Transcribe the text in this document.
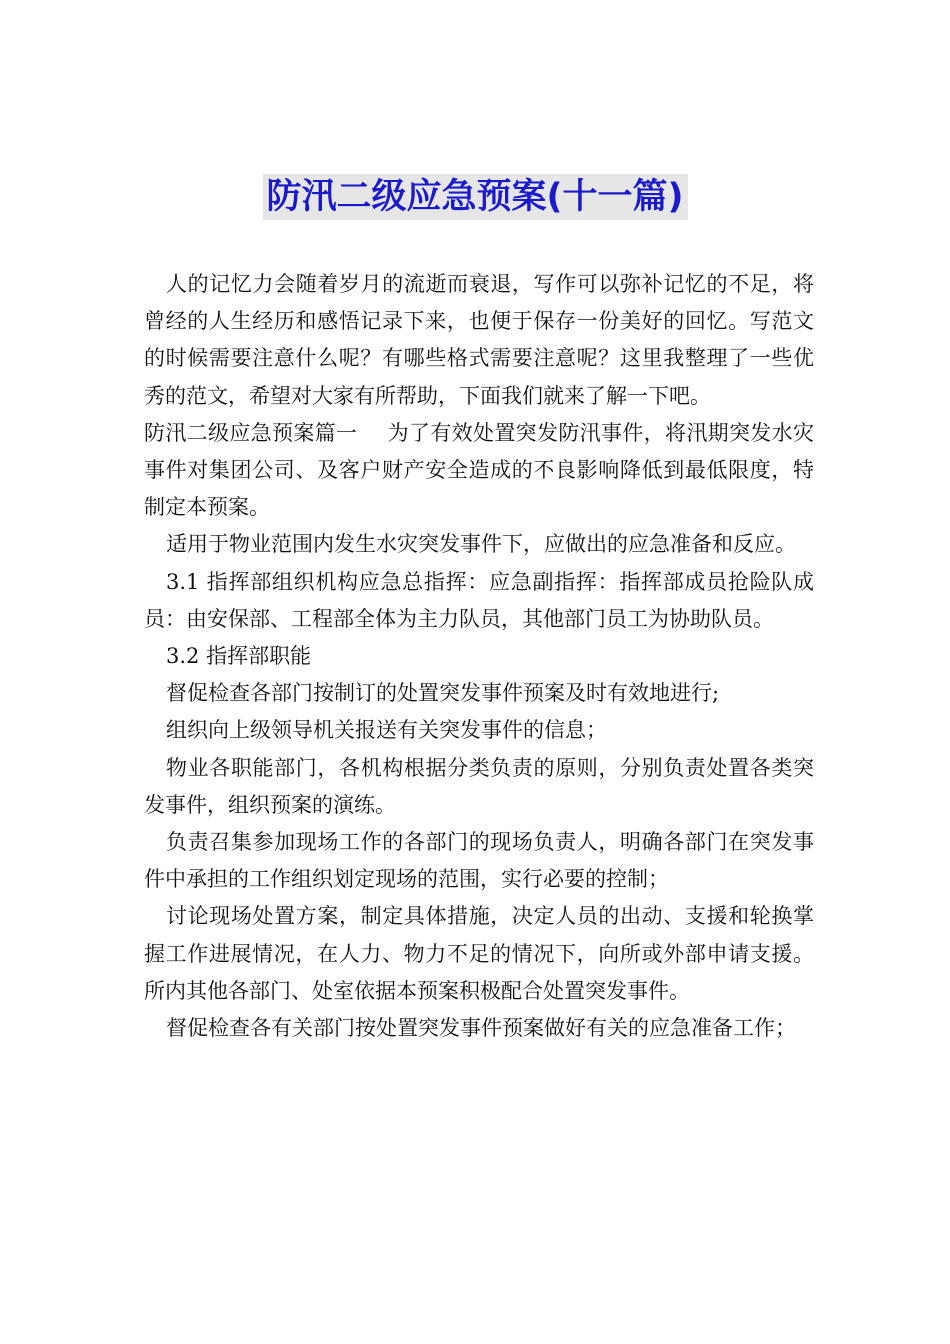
防汛二级应急预案(十一篇)

人的记忆力会随着岁月的流逝而衰退，写作可以弥补记忆的不足，将曾经的人生经历和感悟记录下来，也便于保存一份美好的回忆。写范文的时候需要注意什么呢？有哪些格式需要注意呢？这里我整理了一些优秀的范文，希望对大家有所帮助，下面我们就来了解一下吧。

防汛二级应急预案篇一 为了有效处置突发防汛事件，将汛期突发水灾事件对集团公司、及客户财产安全造成的不良影响降低到最低限度，特制定本预案。

适用于物业范围内发生水灾突发事件下，应做出的应急准备和反应。

3.1 指挥部组织机构应急总指挥：应急副指挥：指挥部成员抢险队成员：由安保部、工程部全体为主力队员，其他部门员工为协助队员。

3.2 指挥部职能

督促检查各部门按制订的处置突发事件预案及时有效地进行;

组织向上级领导机关报送有关突发事件的信息；

物业各职能部门，各机构根据分类负责的原则，分别负责处置各类突发事件，组织预案的演练。

负责召集参加现场工作的各部门的现场负责人，明确各部门在突发事件中承担的工作组织划定现场的范围，实行必要的控制；

讨论现场处置方案，制定具体措施，决定人员的出动、支援和轮换掌握工作进展情况，在人力、物力不足的情况下，向所或外部申请支援。所内其他各部门、处室依据本预案积极配合处置突发事件。

督促检查各有关部门按处置突发事件预案做好有关的应急准备工作；
